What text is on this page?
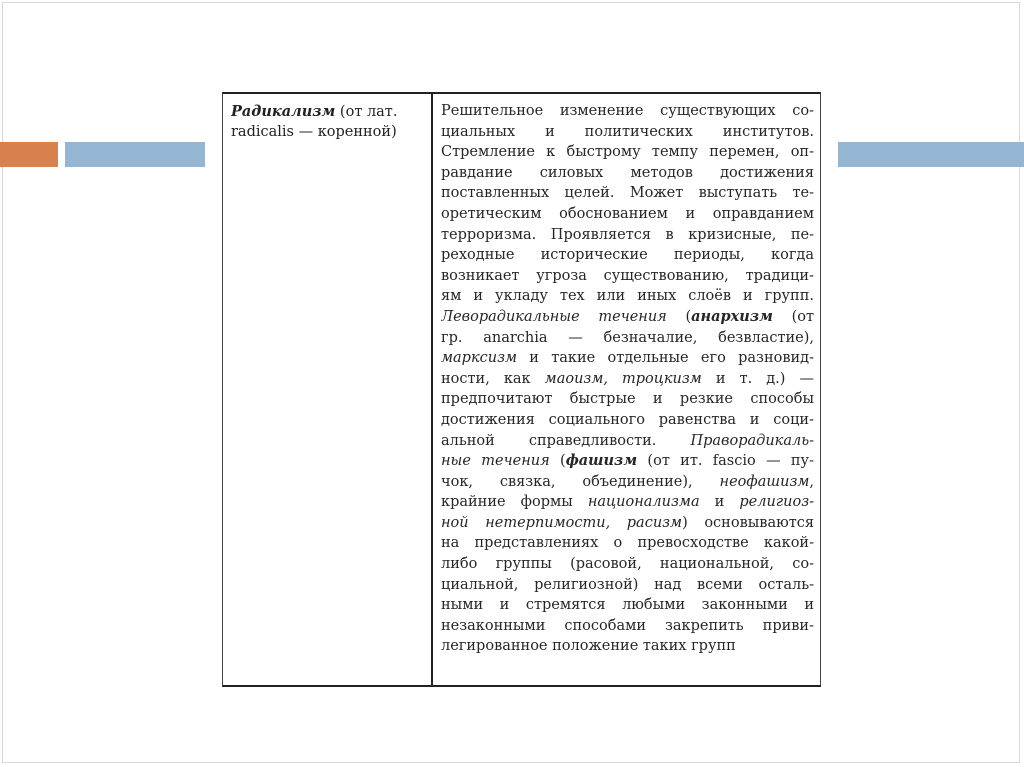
Радикализм (от лат.
radicalis — коренной)
Решительное изменение существующих со-
циальных и политических институтов.
Стремление к быстрому темпу перемен, оп-
равдание силовых методов достижения
поставленных целей. Может выступать те-
оретическим обоснованием и оправданием
терроризма. Проявляется в кризисные, пе-
реходные исторические периоды, когда
возникает угроза существованию, традици-
ям и укладу тех или иных слоёв и групп.
Леворадикальные течения (анархизм (от
гр. anarchia — безначалие, безвластие),
марксизм и такие отдельные его разновид-
ности, как маоизм, троцкизм и т. д.) —
предпочитают быстрые и резкие способы
достижения социального равенства и соци-
альной справедливости. Праворадикаль-
ные течения (фашизм (от ит. fascio — пу-
чок, связка, объединение), неофашизм,
крайние формы национализма и религиоз-
ной нетерпимости, расизм) основываются
на представлениях о превосходстве какой-
либо группы (расовой, национальной, со-
циальной, религиозной) над всеми осталь-
ными и стремятся любыми законными и
незаконными способами закрепить приви-
легированное положение таких групп
